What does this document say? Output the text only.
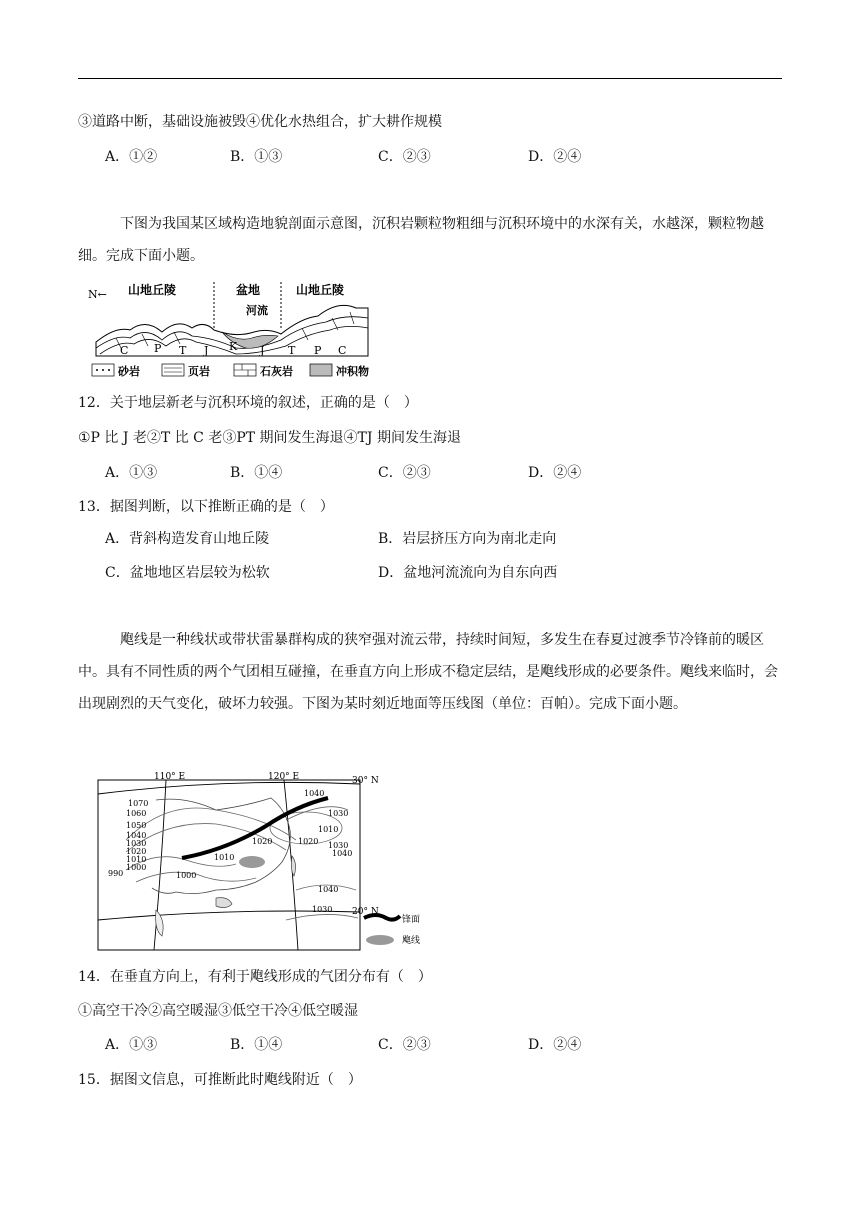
③道路中断，基础设施被毁④优化水热组合，扩大耕作规模
A．①②	B．①③	C．②③	D．②④
下图为我国某区域构造地貌剖面示意图，沉积岩颗粒物粗细与沉积环境中的水深有关，水越深，颗粒物越细。完成下面小题。
N← 山地丘陵	盆地
河流
山地丘陵
C P T J K J T P C
砂岩	页岩	石灰岩	冲积物
12．关于地层新老与沉积环境的叙述，正确的是（　）
①P 比 J 老②T 比 C 老③PT 期间发生海退④TJ 期间发生海退
A．①③	B．①④	C．②③	D．②④
13．据图判断，以下推断正确的是（　）
A．背斜构造发育山地丘陵	B．岩层挤压方向为南北走向
C．盆地地区岩层较为松软	D．盆地河流流向为自东向西
飑线是一种线状或带状雷暴群构成的狭窄强对流云带，持续时间短，多发生在春夏过渡季节冷锋前的暖区中。具有不同性质的两个气团相互碰撞，在垂直方向上形成不稳定层结，是飑线形成的必要条件。飑线来临时，会出现剧烈的天气变化，破坏力较强。下图为某时刻近地面等压线图（单位：百帕）。完成下面小题。
110° E	120° E	30° N
20° N
1070
1060
1050
1040
1030
1020
1010
1000
990	1000
1010
1020
1040
1030
1010
1020 1030
1040
1040
1030
锋面
飑线
14．在垂直方向上，有利于飑线形成的气团分布有（　）
①高空干冷②高空暖湿③低空干冷④低空暖湿
A．①③	B．①④	C．②③	D．②④
15．据图文信息，可推断此时飑线附近（　）
